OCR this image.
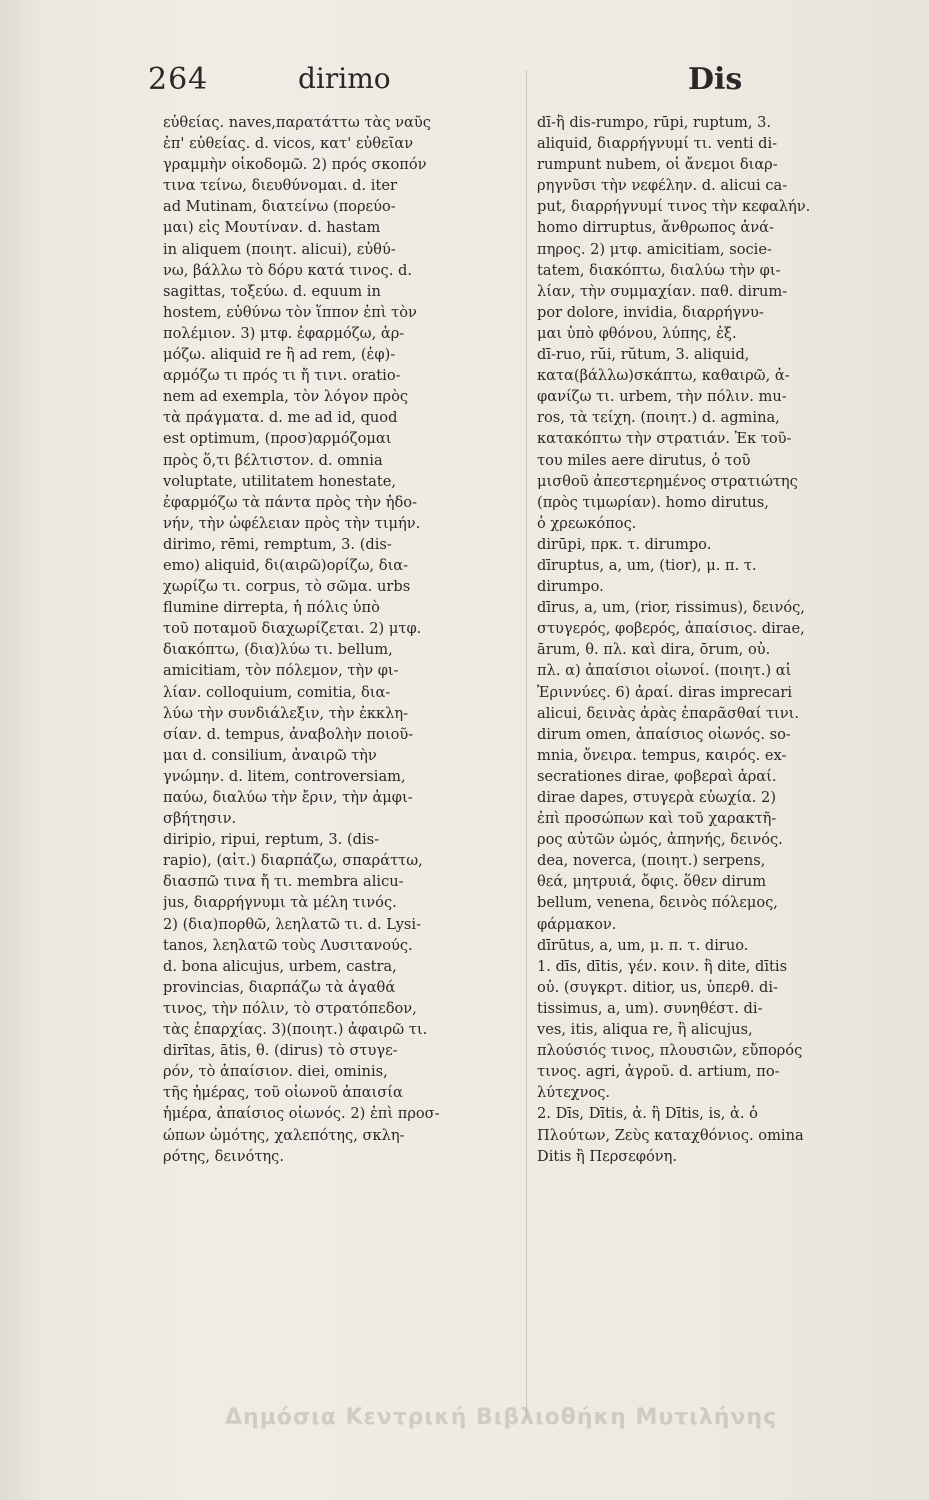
264	dirimo	Dis
εὐθείας. naves,παρατάττω τὰς ναῦς
ἐπ' εὐθείας. d. vicos, κατ' εὐθεῖαν
γραμμὴν οἰκοδομῶ. 2) πρός σκοπόν
τινα τείνω, διευθύνομαι. d. iter
ad Mutinam, διατείνω (πορεύο-
μαι) εἰς Μουτίναν. d. hastam
in aliquem (ποιητ. alicui), εὐθύ-
νω, βάλλω τὸ δόρυ κατά τινος. d.
sagittas, τοξεύω. d. equum in
hostem, εὐθύνω τὸν ἵππον ἐπὶ τὸν
πολέμιον. 3) μτφ. ἐφαρμόζω, ἁρ-
μόζω. aliquid re ἢ ad rem, (ἐφ)-
αρμόζω τι πρός τι ἤ τινι. oratio-
nem ad exempla, τὸν λόγον πρὸς
τὰ πράγματα. d. me ad id, quod
est optimum, (προσ)αρμόζομαι
πρὸς ὅ,τι βέλτιστον. d. omnia
voluptate, utilitatem honestate,
ἐφαρμόζω τὰ πάντα πρὸς τὴν ἡδο-
νήν, τὴν ὠφέλειαν πρὸς τὴν τιμήν.
dirimo, rēmi, remptum, 3. (dis-
emo) aliquid, δι(αιρῶ)ορίζω, δια-
χωρίζω τι. corpus, τὸ σῶμα. urbs
flumine dirrepta, ἡ πόλις ὑπὸ
τοῦ ποταμοῦ διαχωρίζεται. 2) μτφ.
διακόπτω, (δια)λύω τι. bellum,
amicitiam, τὸν πόλεμον, τὴν φι-
λίαν. colloquium, comitia, δια-
λύω τὴν συνδιάλεξιν, τὴν ἐκκλη-
σίαν. d. tempus, ἀναβολὴν ποιοῦ-
μαι d. consilium, ἀναιρῶ τὴν
γνώμην. d. litem, controversiam,
παύω, διαλύω τὴν ἔριν, τὴν ἀμφι-
σβήτησιν.
diripio, ripui, reptum, 3. (dis-
rapio), (αἰτ.) διαρπάζω, σπαράττω,
διασπῶ τινα ἤ τι. membra alicu-
jus, διαρρήγνυμι τὰ μέλη τινός.
2) (δια)πορθῶ, λεηλατῶ τι. d. Lysi-
tanos, λεηλατῶ τοὺς Λυσιτανούς.
d. bona alicujus, urbem, castra,
provincias, διαρπάζω τὰ ἀγαθά
τινος, τὴν πόλιν, τὸ στρατόπεδον,
τὰς ἐπαρχίας. 3)(ποιητ.) ἀφαιρῶ τι.
dirītas, ātis, θ. (dirus) τὸ στυγε-
ρόν, τὸ ἀπαίσιον. diei, ominis,
τῆς ἡμέρας, τοῦ οἰωνοῦ ἀπαισία
ἡμέρα, ἀπαίσιος οἰωνός. 2) ἐπὶ προσ-
ώπων ὠμότης, χαλεπότης, σκλη-
ρότης, δεινότης.
dī-ἢ dis-rumpo, rūpi, ruptum, 3.
aliquid, διαρρήγνυμί τι. venti di-
rumpunt nubem, οἱ ἄνεμοι διαρ-
ρηγνῦσι τὴν νεφέλην. d. alicui ca-
put, διαρρήγνυμί τινος τὴν κεφαλήν.
homo dirruptus, ἄνθρωπος ἀνά-
πηρος. 2) μτφ. amicitiam, socie-
tatem, διακόπτω, διαλύω τὴν φι-
λίαν, τὴν συμμαχίαν. παθ. dirum-
por dolore, invidia, διαρρήγνυ-
μαι ὑπὸ φθόνου, λύπης, ἐξ.
dī-ruo, rŭi, rŭtum, 3. aliquid,
κατα(βάλλω)σκάπτω, καθαιρῶ, ἀ-
φανίζω τι. urbem, τὴν πόλιν. mu-
ros, τὰ τείχη. (ποιητ.) d. agmina,
κατακόπτω τὴν στρατιάν. Ἐκ τοῦ-
του miles aere dirutus, ὁ τοῦ
μισθοῦ ἀπεστερημένος στρατιώτης
(πρὸς τιμωρίαν). homo dirutus,
ὁ χρεωκόπος.
dirūpi, πρκ. τ. dirumpo.
dīruptus, a, um, (tior), μ. π. τ.
dirumpo.
dīrus, a, um, (rior, rissimus), δεινός,
στυγερός, φοβερός, ἀπαίσιος. dirae,
ārum, θ. πλ. καὶ dira, ōrum, οὐ.
πλ. α) ἀπαίσιοι οἰωνοί. (ποιητ.) αἱ
Ἐριννύες. 6) ἀραί. diras imprecari
alicui, δεινὰς ἀρὰς ἐπαρᾶσθαί τινι.
dirum omen, ἀπαίσιος οἰωνός. so-
mnia, ὄνειρα. tempus, καιρός. ex-
secrationes dirae, φοβεραὶ ἀραί.
dirae dapes, στυγερὰ εὐωχία. 2)
ἐπὶ προσώπων καὶ τοῦ χαρακτῆ-
ρος αὐτῶν ὠμός, ἀπηνής, δεινός.
dea, noverca, (ποιητ.) serpens,
θεά, μητρυιά, ὄφις. ὅθεν dirum
bellum, venena, δεινὸς πόλεμος,
φάρμακον.
dīrūtus, a, um, μ. π. τ. diruo.
1. dīs, dītis, γέν. κοιν. ἢ dite, dītis
οὐ. (συγκρτ. ditior, us, ὑπερθ. di-
tissimus, a, um). συνηθέστ. di-
ves, itis, aliqua re, ἢ alicujus,
πλούσιός τινος, πλουσιῶν, εὔπορός
τινος. agri, ἀγροῦ. d. artium, πο-
λύτεχνος.
2. Dīs, Dītis, ἀ. ἢ Dītis, is, ἀ. ὁ
Πλούτων, Ζεὺς καταχθόνιος. omina
Ditis ἢ Περσεφόνη.
Δημόσια Κεντρική Βιβλιοθήκη Μυτιλήνης
